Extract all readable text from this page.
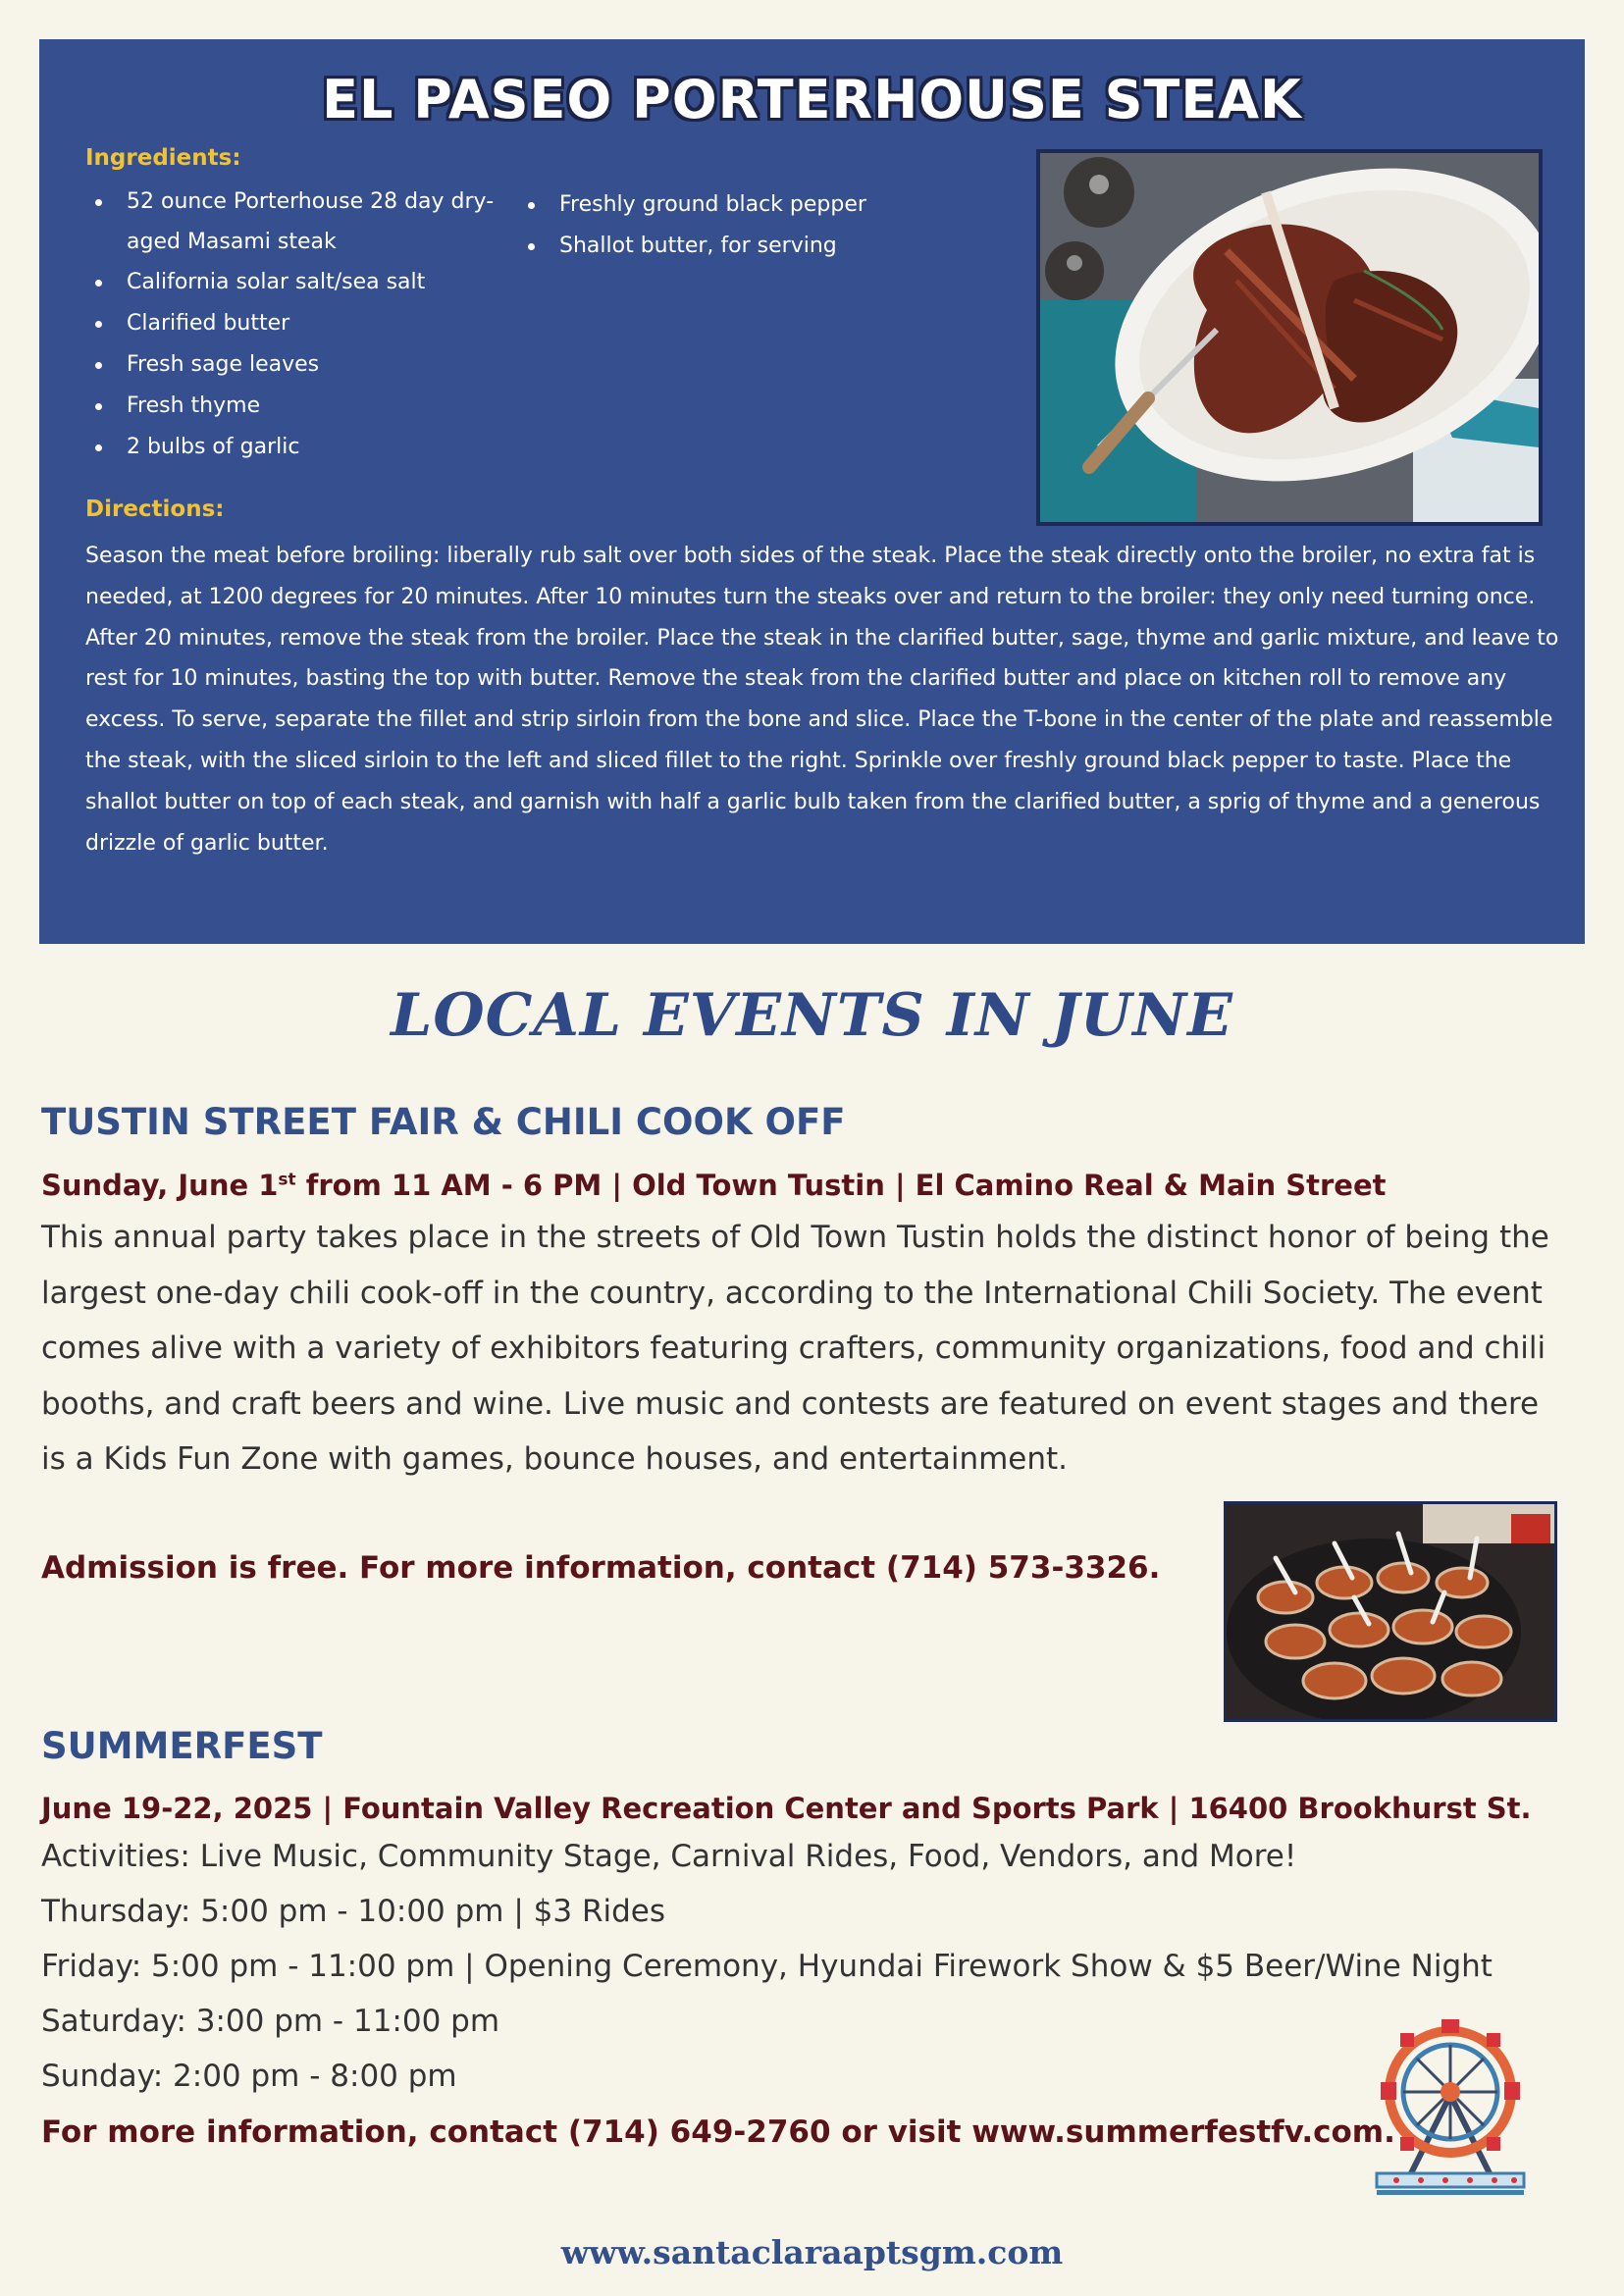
EL PASEO PORTERHOUSE STEAK
Ingredients:
52 ounce Porterhouse 28 day dry-aged Masami steak
California solar salt/sea salt
Clarified butter
Fresh sage leaves
Fresh thyme
2 bulbs of garlic
Freshly ground black pepper
Shallot butter, for serving
Directions:

Season the meat before broiling: liberally rub salt over both sides of the steak. Place the steak directly onto the broiler, no extra fat is needed, at 1200 degrees for 20 minutes. After 10 minutes turn the steaks over and return to the broiler: they only need turning once. After 20 minutes, remove the steak from the broiler. Place the steak in the clarified butter, sage, thyme and garlic mixture, and leave to rest for 10 minutes, basting the top with butter. Remove the steak from the clarified butter and place on kitchen roll to remove any excess. To serve, separate the fillet and strip sirloin from the bone and slice. Place the T-bone in the center of the plate and reassemble the steak, with the sliced sirloin to the left and sliced fillet to the right. Sprinkle over freshly ground black pepper to taste. Place the shallot butter on top of each steak, and garnish with half a garlic bulb taken from the clarified butter, a sprig of thyme and a generous drizzle of garlic butter.

LOCAL EVENTS IN JUNE
TUSTIN STREET FAIR & CHILI COOK OFF
Sunday, June 1st from 11 AM - 6 PM | Old Town Tustin | El Camino Real & Main Street

This annual party takes place in the streets of Old Town Tustin holds the distinct honor of being the largest one-day chili cook-off in the country, according to the International Chili Society. The event comes alive with a variety of exhibitors featuring crafters, community organizations, food and chili booths, and craft beers and wine. Live music and contests are featured on event stages and there is a Kids Fun Zone with games, bounce houses, and entertainment.

Admission is free. For more information, contact (714) 573-3326.
SUMMERFEST
June 19-22, 2025 | Fountain Valley Recreation Center and Sports Park | 16400 Brookhurst St.
Activities: Live Music, Community Stage, Carnival Rides, Food, Vendors, and More!
Thursday: 5:00 pm - 10:00 pm | $3 Rides
Friday: 5:00 pm - 11:00 pm | Opening Ceremony, Hyundai Firework Show & $5 Beer/Wine Night
Saturday: 3:00 pm - 11:00 pm
Sunday: 2:00 pm - 8:00 pm
For more information, contact (714) 649-2760 or visit www.summerfestfv.com.
www.santaclaraaptsgm.com
